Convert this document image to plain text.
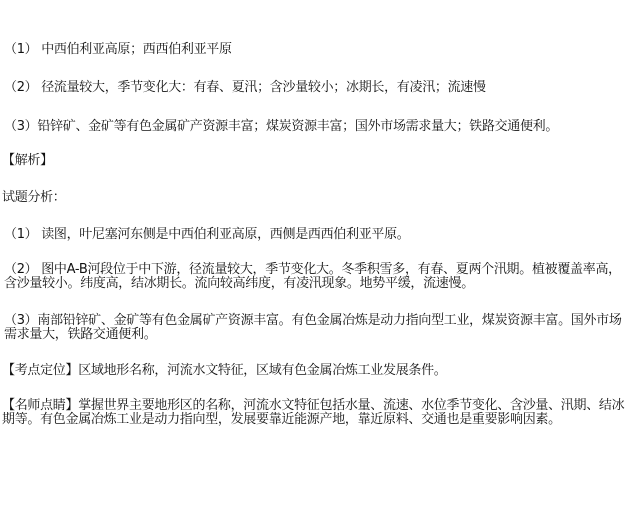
（1） 中西伯利亚高原；西西伯利亚平原
（2） 径流量较大，季节变化大：有春、夏汛；含沙量较小；冰期长，有凌汛；流速慢
（3）铅锌矿、金矿等有色金属矿产资源丰富；煤炭资源丰富；国外市场需求量大；铁路交通便利。
【解析】
试题分析：
（1） 读图，叶尼塞河东侧是中西伯利亚高原，西侧是西西伯利亚平原。
（2） 图中A-B河段位于中下游，径流量较大，季节变化大。冬季积雪多，有春、夏两个汛期。植被覆盖率高，含沙量较小。纬度高，结冰期长。流向较高纬度，有凌汛现象。地势平缓，流速慢。
（3）南部铅锌矿、金矿等有色金属矿产资源丰富。有色金属冶炼是动力指向型工业，煤炭资源丰富。国外市场需求量大，铁路交通便利。
【考点定位】区域地形名称，河流水文特征，区域有色金属冶炼工业发展条件。
【名师点睛】掌握世界主要地形区的名称，河流水文特征包括水量、流速、水位季节变化、含沙量、汛期、结冰期等。有色金属冶炼工业是动力指向型，发展要靠近能源产地，靠近原料、交通也是重要影响因素。
